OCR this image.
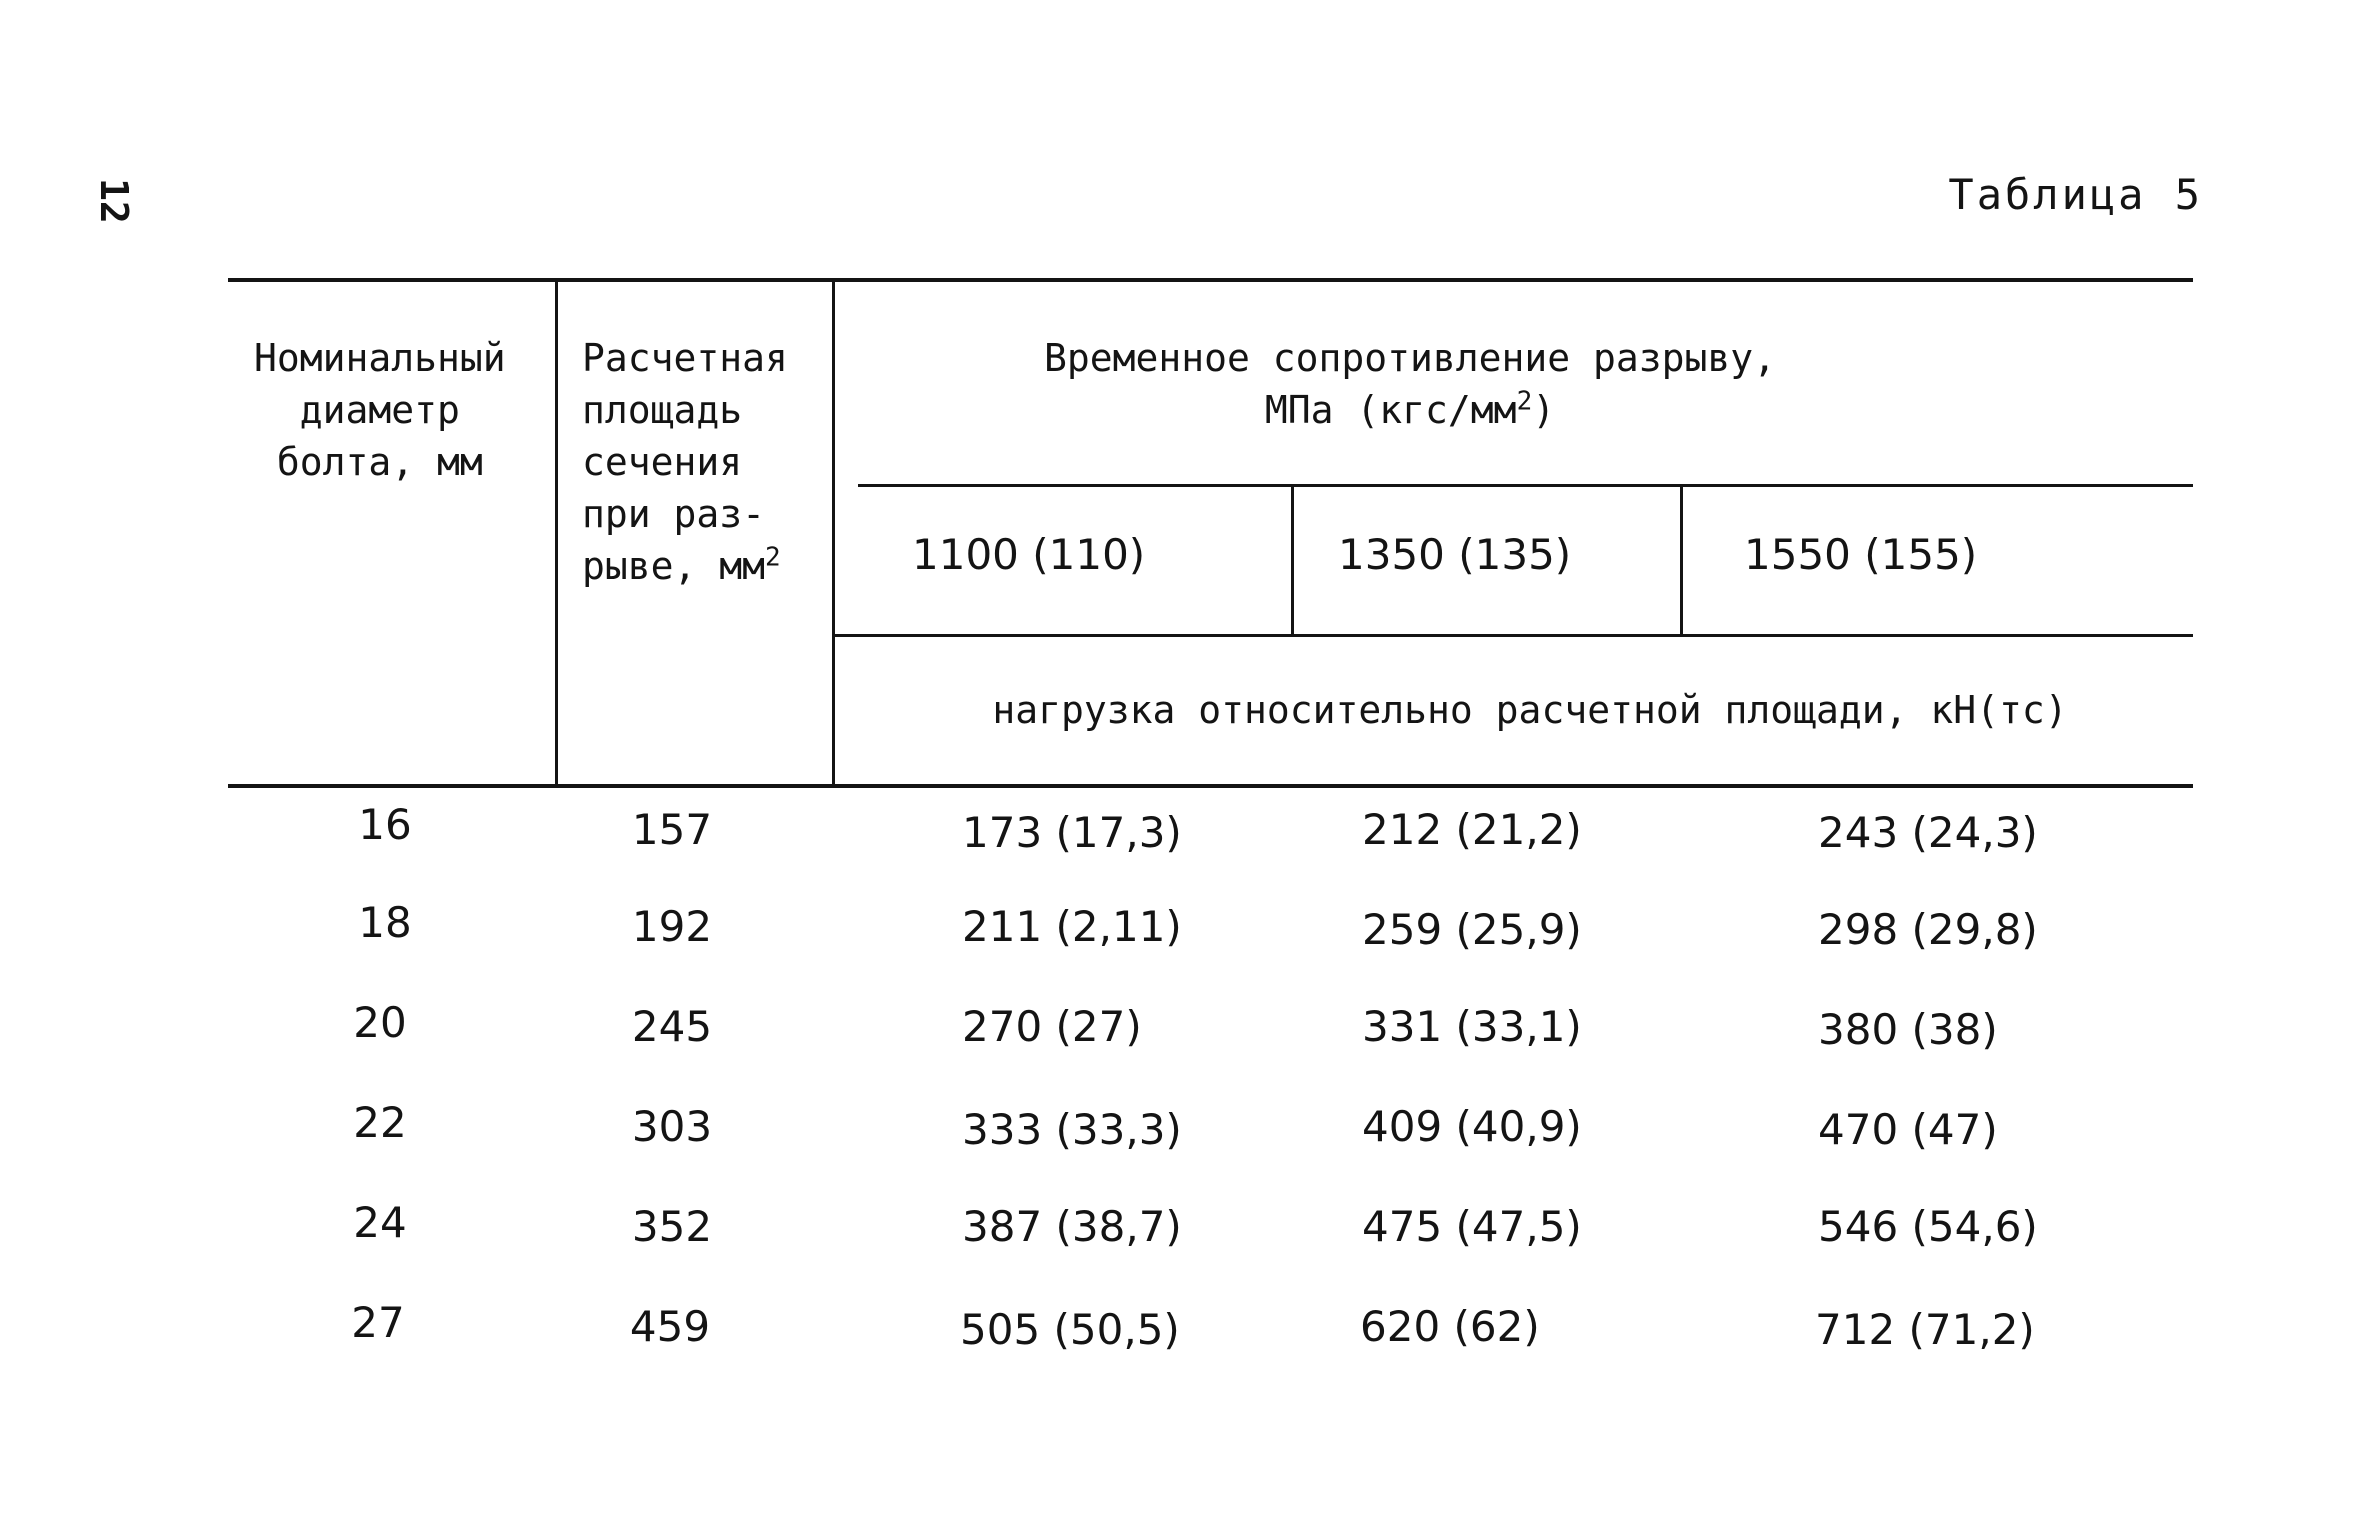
12	Таблица 5
Номинальный
диаметр
болта, мм
Расчетная
площадь
сечения
при раз-
рыве, $мм^2$
Временное сопротивление разрыву,
МПа $(кгс/мм^2)$
1100 (110)	1350 (135)	1550 (155)
нагрузка относительно расчетной площади, кН(тс)
16	157	173 (17,3)	212 (21,2)	243 (24,3)
18	192	211 (2,11)	259 (25,9)	298 (29,8)
20	245	270 (27)	331 (33,1)	380 (38)
22	303	333 (33,3)	409 (40,9)	470 (47)
24	352	387 (38,7)	475 (47,5)	546 (54,6)
27	459	505 (50,5)	620 (62)	712 (71,2)
